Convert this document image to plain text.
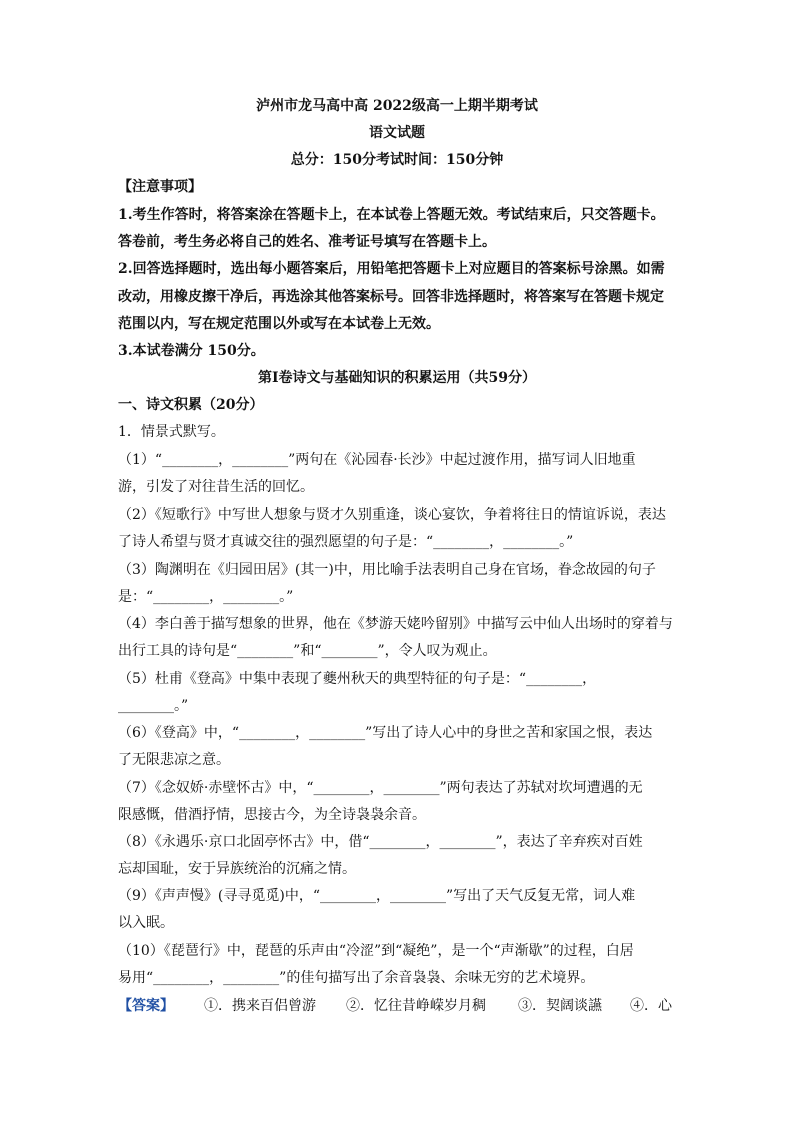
泸州市龙马高中高 2022级高一上期半期考试
语文试题
总分：150分考试时间：150分钟
【注意事项】
1.考生作答时，将答案涂在答题卡上，在本试卷上答题无效。考试结束后，只交答题卡。
答卷前，考生务必将自己的姓名、准考证号填写在答题卡上。
2.回答选择题时，选出每小题答案后，用铅笔把答题卡上对应题目的答案标号涂黑。如需
改动，用橡皮擦干净后，再选涂其他答案标号。回答非选择题时，将答案写在答题卡规定
范围以内，写在规定范围以外或写在本试卷上无效。
3.本试卷满分 150分。
第Ⅰ卷诗文与基础知识的积累运用（共59分）
一、诗文积累（20分）
1．情景式默写。
（1）“________，________”两句在《沁园春·长沙》中起过渡作用，描写词人旧地重
游，引发了对往昔生活的回忆。
（2）《短歌行》中写世人想象与贤才久别重逢，谈心宴饮，争着将往日的情谊诉说，表达
了诗人希望与贤才真诚交往的强烈愿望的句子是：“________，________。”
（3）陶渊明在《归园田居》(其一)中，用比喻手法表明自己身在官场，眷念故园的句子
是：“________，________。”
（4）李白善于描写想象的世界，他在《梦游天姥吟留别》中描写云中仙人出场时的穿着与
出行工具的诗句是“________”和“________”，令人叹为观止。
（5）杜甫《登高》中集中表现了夔州秋天的典型特征的句子是：“________，
________。”
（6）《登高》中，“________，________”写出了诗人心中的身世之苦和家国之恨，表达
了无限悲凉之意。
（7）《念奴娇·赤壁怀古》中，“________，________”两句表达了苏轼对坎坷遭遇的无
限感慨，借酒抒情，思接古今，为全诗袅袅余音。
（8）《永遇乐·京口北固亭怀古》中，借“________，________”，表达了辛弃疾对百姓
忘却国耻，安于异族统治的沉痛之情。
（9）《声声慢》(寻寻觅觅)中，“________，________”写出了天气反复无常，词人难
以入眠。
（10）《琵琶行》中，琵琶的乐声由“冷涩”到“凝绝”，是一个“声渐歇”的过程，白居
易用“________，________”的佳句描写出了余音袅袅、余味无穷的艺术境界。
【答案】 ①．携来百侣曾游 ②．忆往昔峥嵘岁月稠 ③．契阔谈讌 ④．心
